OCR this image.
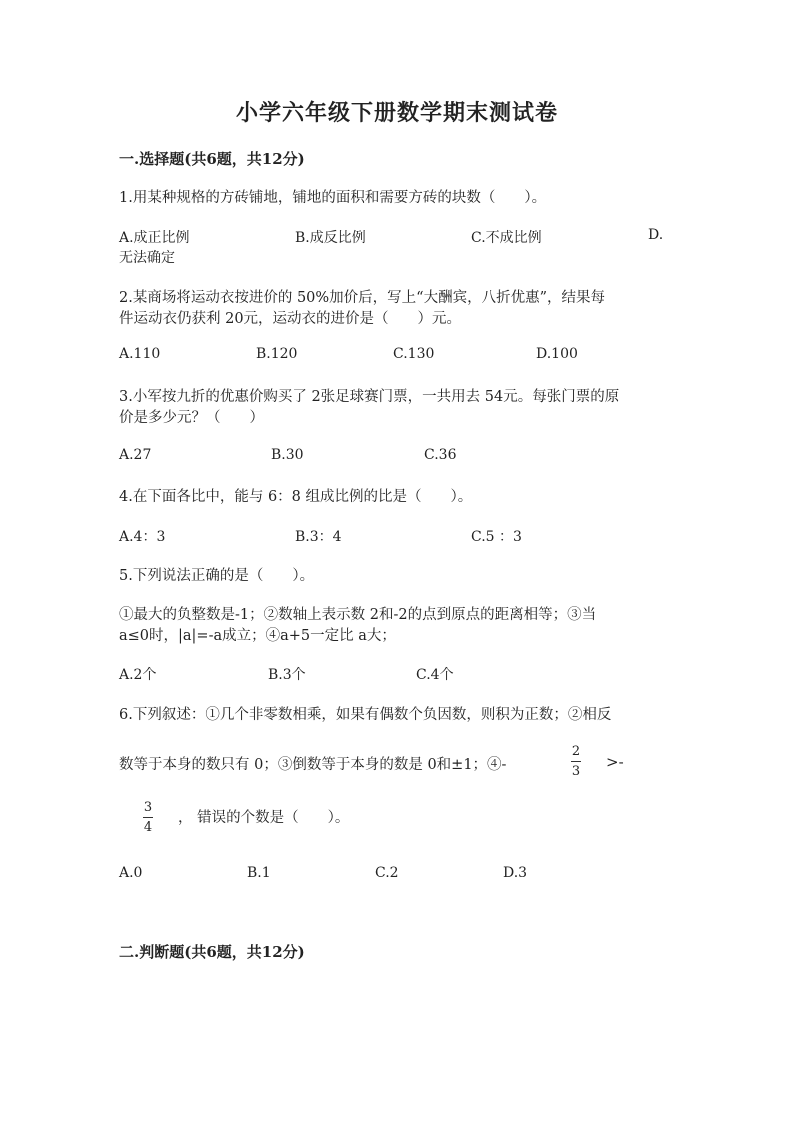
小学六年级下册数学期末测试卷
一.选择题(共6题，共12分)
1.用某种规格的方砖铺地，铺地的面积和需要方砖的块数（　　）。
A.成正比例	B.成反比例	C.不成比例	D.
无法确定
2.某商场将运动衣按进价的 50%加价后，写上“大酬宾，八折优惠”，结果每
件运动衣仍获利 20元，运动衣的进价是（　　）元。
A.110	B.120	C.130	D.100
3.小军按九折的优惠价购买了 2张足球赛门票，一共用去 54元。每张门票的原
价是多少元？（　　）
A.27	B.30	C.36
4.在下面各比中，能与 6：8 组成比例的比是（　　）。
A.4：3	B.3：4	C.5 ：3
5.下列说法正确的是（　　）。
①最大的负整数是-1；②数轴上表示数 2和-2的点到原点的距离相等；③当
a≤0时，|a|=-a成立；④a+5一定比 a大；
A.2个	B.3个	C.4个
6.下列叙述：①几个非零数相乘，如果有偶数个负因数，则积为正数；②相反
数等于本身的数只有 0；③倒数等于本身的数是 0和±1；④-
2
3
>-
3
4
， 错误的个数是（　　）。
A.0	B.1	C.2	D.3
二.判断题(共6题，共12分)
